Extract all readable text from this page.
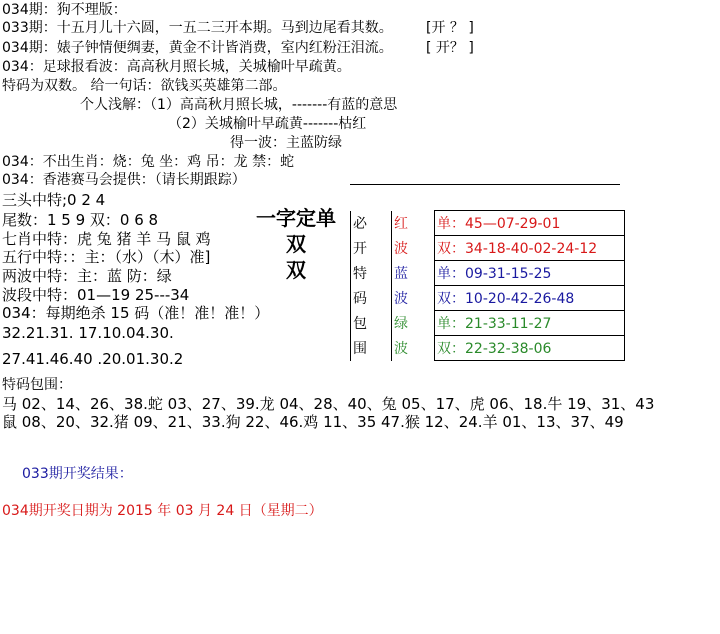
034期：狗不理版：
033期：十五月儿十六圆，一五二三开本期。马到边尾看其数。 [开 ？ ]
034期：婊子钟情便绸妻，黄金不计皆消费，室内红粉汪泪流。 [ 开？ ]
034：足球报看波：高高秋月照长城，关城榆叶早疏黄。
特码为双数。 给一句话：欲钱买英雄第二部。
个人浅解：（1）高高秋月照长城，-------有蓝的意思
（2）关城榆叶早疏黄-------枯红
得一波：主蓝防绿
034：不出生肖：烧：兔 坐：鸡 吊：龙 禁：蛇
034：香港赛马会提供：（请长期跟踪）
三头中特;0 2 4
尾数：1 5 9 双：0 6 8
七肖中特：虎 兔 猪 羊 马 鼠 鸡
五行中特：：主：（水）（木）准]
两波中特：主：蓝 防：绿
波段中特：01—19 25---34
034：每期绝杀 15 码（准！准！准！）
32.21.31. 17.10.04.30.
27.41.46.40 .20.01.30.2
特码包围：
马 02、14、26、38.蛇 03、27、39.龙 04、28、40、兔 05、17、虎 06、18.牛 19、31、43
鼠 08、20、32.猪 09、21、33.狗 22、46.鸡 11、35 47.猴 12、24.羊 01、13、37、49
033期开奖结果：
034期开奖日期为 2015 年 03 月 24 日（星期二）
一字定单双
双
必	红	单：45—07-29-01
开	波	双：34-18-40-02-24-12
特	蓝	单：09-31-15-25
码	波	双：10-20-42-26-48
包	绿	单：21-33-11-27
围	波	双：22-32-38-06
